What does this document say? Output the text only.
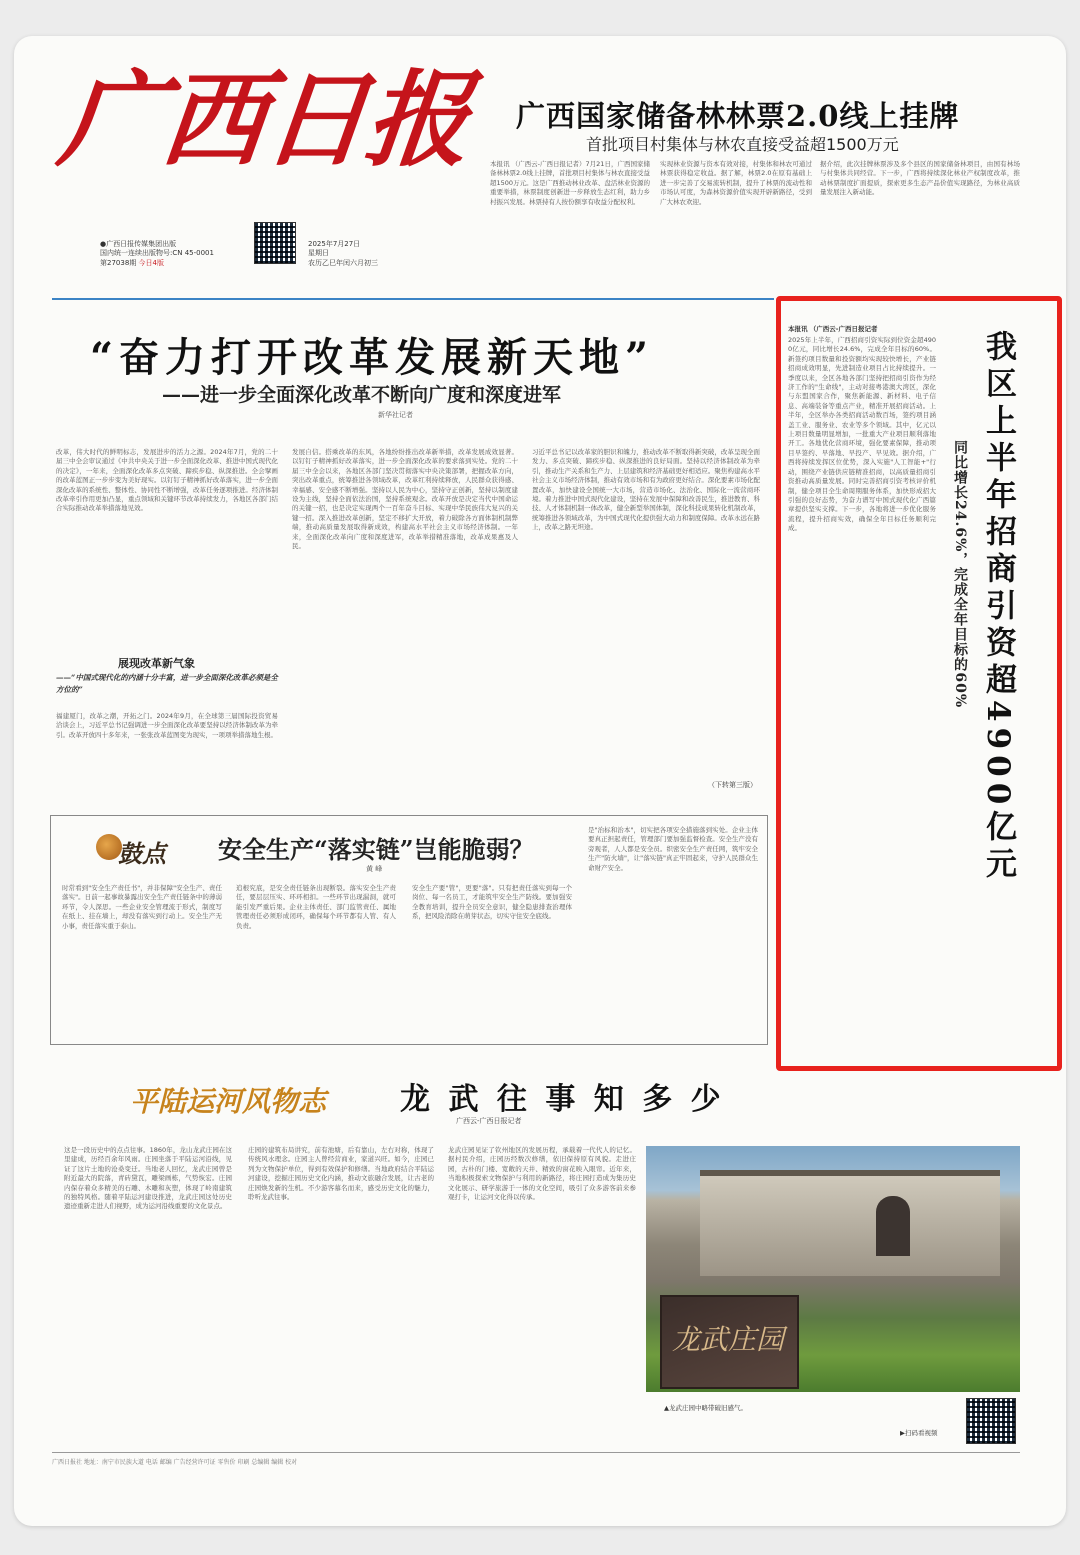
广西日报
●广西日报传媒集团出版
国内统一连续出版物号:CN 45-0001
第27038期 今日4版
2025年7月27日
星期日
农历乙巳年闰六月初三
广西国家储备林林票2.0线上挂牌
首批项目村集体与林农直接受益超1500万元
本报讯 （广西云-广西日报记者）7月21日，广西国家储备林林票2.0线上挂牌，首批项目村集体与林农直接受益超1500万元。这是广西推动林业改革、盘活林业资源的重要举措，林票制度创新进一步释放生态红利，助力乡村振兴发展。林票持有人按份额享有收益分配权利。
实现林业资源与资本有效对接，村集体和林农可通过林票获得稳定收益。据了解，林票2.0在原有基础上进一步完善了交易流转机制，提升了林票的流动性和市场认可度，为森林资源价值实现开辟新路径，受到广大林农欢迎。
据介绍，此次挂牌林票涉及多个县区的国家储备林项目，由国有林场与村集体共同经营。下一步，广西将持续深化林业产权制度改革，推动林票制度扩面提质，探索更多生态产品价值实现路径，为林业高质量发展注入新动能。
“奋力打开改革发展新天地”
——进一步全面深化改革不断向广度和深度进军
新华社记者
改革，伟大时代的鲜明标志，发展进步的活力之源。2024年7月，党的二十届三中全会审议通过《中共中央关于进一步全面深化改革、推进中国式现代化的决定》，一年来，全面深化改革多点突破、蹄疾步稳、纵深推进。全会擘画的改革蓝图正一步步变为美好现实。以钉钉子精神抓好改革落实，进一步全面深化改革的系统性、整体性、协同性不断增强，改革任务逐项推进。经济体制改革牵引作用更加凸显，重点领域和关键环节改革持续发力，各地区各部门结合实际推动改革举措落地见效。
展现改革新气象
——“中国式现代化的内涵十分丰富，进一步全面深化改革必须是全方位的”
福建厦门，改革之潮，开拓之门。2024年9月，在全球第三届国际投资贸易洽谈会上，习近平总书记强调进一步全面深化改革要坚持以经济体制改革为牵引。改革开放四十多年来，一张张改革蓝图变为现实，一项项举措落地生根。
发展自信。搭乘改革的东风，各地纷纷推出改革新举措，改革发展成效显著。以钉钉子精神抓好改革落实，进一步全面深化改革的要求落到实处。党的二十届三中全会以来，各地区各部门坚决贯彻落实中央决策部署，把握改革方向，突出改革重点，统筹推进各领域改革，改革红利持续释放，人民群众获得感、幸福感、安全感不断增强。坚持以人民为中心，坚持守正创新，坚持以制度建设为主线，坚持全面依法治国，坚持系统观念。改革开放是决定当代中国命运的关键一招，也是决定实现两个一百年奋斗目标、实现中华民族伟大复兴的关键一招。深入推进改革创新，坚定不移扩大开放，着力破除各方面体制机制弊端，推动高质量发展取得新成效，构建高水平社会主义市场经济体制。一年来，全面深化改革向广度和深度进军，改革举措精准落地，改革成果惠及人民。
习近平总书记以改革家的胆识和魄力，推动改革不断取得新突破，改革呈现全面发力、多点突破、蹄疾步稳、纵深推进的良好局面。坚持以经济体制改革为牵引，推动生产关系和生产力、上层建筑和经济基础更好相适应。聚焦构建高水平社会主义市场经济体制，推动有效市场和有为政府更好结合。深化要素市场化配置改革，加快建设全国统一大市场，营造市场化、法治化、国际化一流营商环境。着力推进中国式现代化建设，坚持在发展中保障和改善民生，推进教育、科技、人才体制机制一体改革，健全新型举国体制，深化科技成果转化机制改革，统筹推进各领域改革，为中国式现代化提供强大动力和制度保障。改革永远在路上，改革之路无坦途。
（下转第三版）
鼓点 安全生产“落实链”岂能脆弱？
黄 峰
时常看到"安全生产责任书"，并非保障"安全生产、责任落实"。日前一起事故暴露出安全生产责任链条中的薄弱环节，令人深思。一些企业安全管理流于形式，制度写在纸上、挂在墙上，却没有落实到行动上。安全生产无小事，责任落实重于泰山。
追根究底，是安全责任链条出现断裂。落实安全生产责任，要层层压实、环环相扣。一些环节出现漏洞，就可能引发严重后果。企业主体责任、部门监管责任、属地管理责任必须形成闭环，确保每个环节都有人管、有人负责。
安全生产要"管"，更要"落"。只有把责任落实到每一个岗位、每一名员工，才能筑牢安全生产防线。要加强安全教育培训，提升全员安全意识，健全隐患排查治理体系，把风险消除在萌芽状态，切实守住安全底线。
是"治标和治本"，切实把各项安全措施落到实处。企业主体要真正担起责任，管理部门要加强监督检查。安全生产没有旁观者，人人都是安全员。织密安全生产责任网，筑牢安全生产"防火墙"，让"落实链"真正牢固起来，守护人民群众生命财产安全。	我区上半年招商引资超4900亿元
同比增长24.6%，完成全年目标的60%
本报讯 （广西云-广西日报记者
2025年上半年，广西招商引资实际到位资金超4900亿元，同比增长24.6%，完成全年目标的60%。新签约项目数量和投资额均实现较快增长，产业链招商成效明显，先进制造业项目占比持续提升。一季度以来，全区各地各部门坚持把招商引资作为经济工作的"生命线"，主动对接粤港澳大湾区，深化与东盟国家合作，聚焦新能源、新材料、电子信息、高端装备等重点产业，精准开展招商活动。上半年，全区举办各类招商活动数百场，签约项目涵盖工业、服务业、农业等多个领域。其中，亿元以上项目数量明显增加，一批重大产业项目顺利落地开工。各地优化营商环境，强化要素保障，推动项目早签约、早落地、早投产、早见效。据介绍，广西将持续发挥区位优势，深入实施"人工智能+"行动，围绕产业链供应链精准招商，以高质量招商引资推动高质量发展。同时完善招商引资考核评价机制，健全项目全生命周期服务体系，加快形成招大引强的良好态势，为奋力谱写中国式现代化广西篇章提供坚实支撑。下一步，各地将进一步优化服务流程，提升招商实效，确保全年目标任务顺利完成。
平陆运河风物志 龙 武 往 事 知 多 少
广西云-广西日报记者
这是一段历史中的点点往事。1860年，龙山龙武庄园在这里建成，历经百余年风雨。庄园坐落于平陆运河沿线，见证了这片土地的沧桑变迁。当地老人回忆，龙武庄园曾是附近最大的院落，青砖黛瓦，雕梁画栋，气势恢宏。庄园内保存着众多精美的石雕、木雕和灰塑，体现了岭南建筑的独特风格。随着平陆运河建设推进，龙武庄园这处历史遗迹重新走进人们视野，成为运河沿线重要的文化景点。
庄园的建筑布局讲究，前有池塘，后有靠山，左右对称，体现了传统风水理念。庄园主人曾经营商业，家道兴旺。如今，庄园已列为文物保护单位，得到有效保护和修缮。当地政府结合平陆运河建设，挖掘庄园历史文化内涵，推动文旅融合发展，让古老的庄园焕发新的生机。不少游客慕名而来，感受历史文化的魅力，聆听龙武往事。
龙武庄园见证了钦州地区的发展历程，承载着一代代人的记忆。据村民介绍，庄园历经数次修缮，依旧保持原有风貌。走进庄园，古朴的门楼、宽敞的天井、精致的窗花映入眼帘。近年来，当地积极探索文物保护与利用的新路径，将庄园打造成为集历史文化展示、研学旅游于一体的文化空间，吸引了众多游客前来参观打卡，让运河文化得以传承。
龙武庄园
▲龙武庄园中略带破旧感气。
▶扫码看视频
广西日报社 地址：南宁市民族大道 电话 邮编 广告经营许可证 零售价 印刷 总编辑 编辑 校对
